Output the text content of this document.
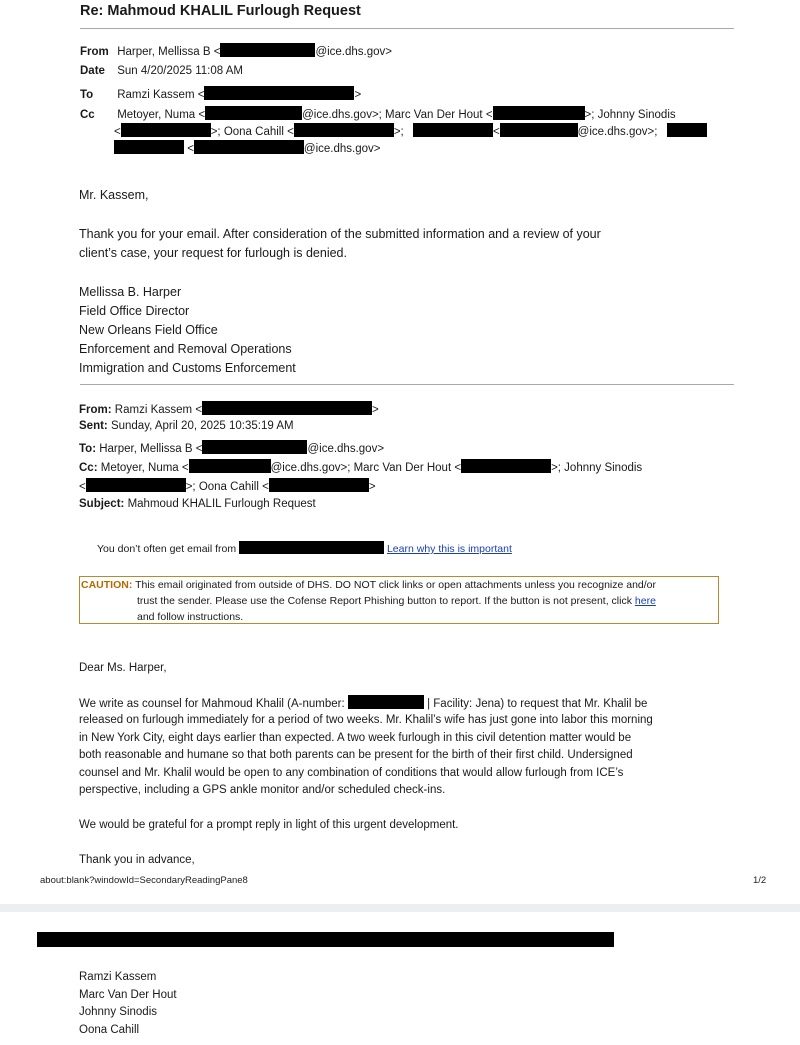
Re: Mahmoud KHALIL Furlough Request
From Harper, Mellissa B <	@ice.dhs.gov>
Date Sun 4/20/2025 11:08 AM
To Ramzi Kassem <	>
Cc Metoyer, Numa <	@ice.dhs.gov>; Marc Van Der Hout <	>; Johnny Sinodis
<	>; Oona Cahill <	>;	<	@ice.dhs.gov>;
<	@ice.dhs.gov>
Mr. Kassem,
Thank you for your email. After consideration of the submitted information and a review of your
client’s case, your request for furlough is denied.
Mellissa B. Harper
Field Office Director
New Orleans Field Office
Enforcement and Removal Operations
Immigration and Customs Enforcement
From: Ramzi Kassem <	>
Sent: Sunday, April 20, 2025 10:35:19 AM
To: Harper, Mellissa B <	@ice.dhs.gov>
Cc: Metoyer, Numa <	@ice.dhs.gov>; Marc Van Der Hout <	>; Johnny Sinodis
<	>; Oona Cahill <	>
Subject: Mahmoud KHALIL Furlough Request
You don’t often get email from	Learn why this is important
CAUTION: This email originated from outside of DHS. DO NOT click links or open attachments unless you recognize and/or
trust the sender. Please use the Cofense Report Phishing button to report. If the button is not present, click here
and follow instructions.
Dear Ms. Harper,
We write as counsel for Mahmoud Khalil (A-number:	| Facility: Jena) to request that Mr. Khalil be
released on furlough immediately for a period of two weeks. Mr. Khalil’s wife has just gone into labor this morning
in New York City, eight days earlier than expected. A two week furlough in this civil detention matter would be
both reasonable and humane so that both parents can be present for the birth of their first child. Undersigned
counsel and Mr. Khalil would be open to any combination of conditions that would allow furlough from ICE’s
perspective, including a GPS ankle monitor and/or scheduled check-ins.
We would be grateful for a prompt reply in light of this urgent development.
Thank you in advance,
about:blank?windowId=SecondaryReadingPane8	1/2
Ramzi Kassem
Marc Van Der Hout
Johnny Sinodis
Oona Cahill
